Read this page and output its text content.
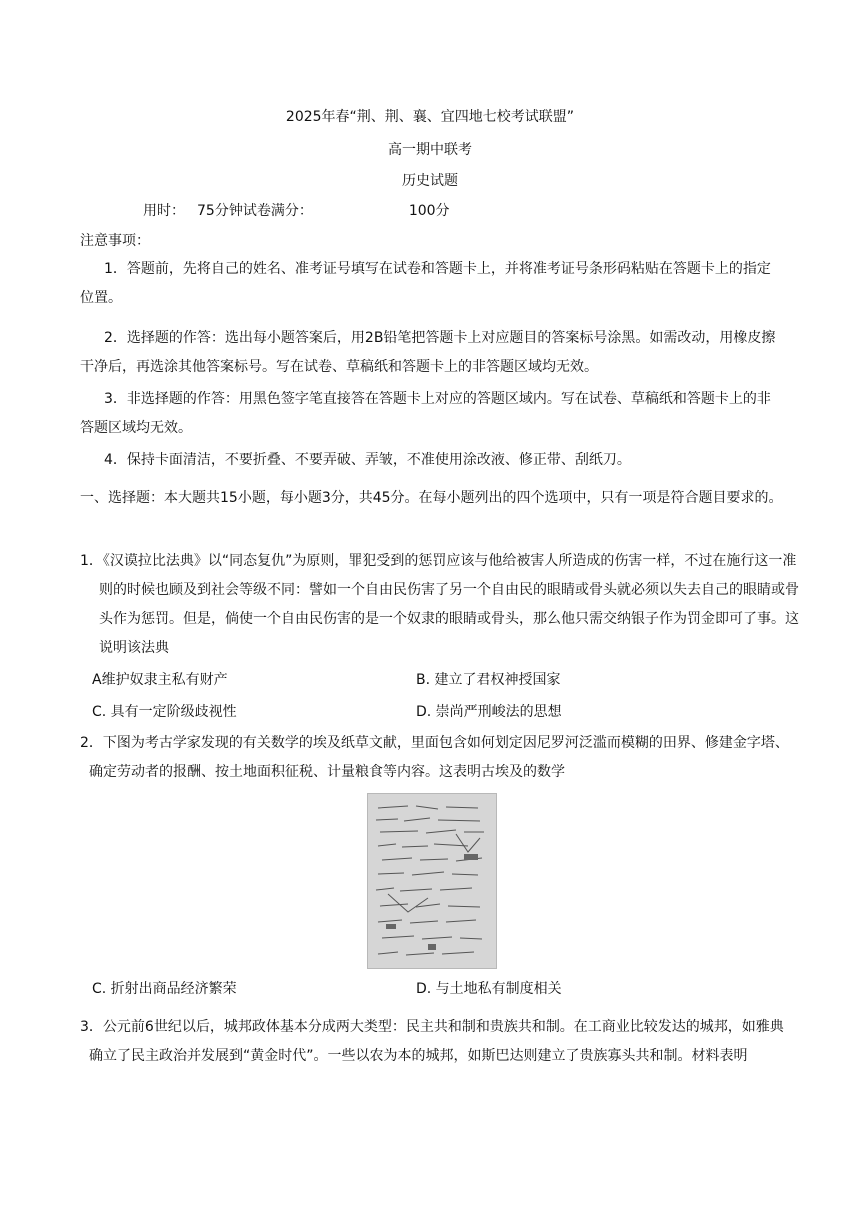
2025年春“荆、荆、襄、宜四地七校考试联盟”
高一期中联考
历史试题
用时： 75分钟试卷满分：	100分
注意事项：
1．答题前，先将自己的姓名、准考证号填写在试卷和答题卡上，并将准考证号条形码粘贴在答题卡上的指定位置。
2．选择题的作答：选出每小题答案后，用2B铅笔把答题卡上对应题目的答案标号涂黑。如需改动，用橡皮擦干净后，再选涂其他答案标号。写在试卷、草稿纸和答题卡上的非答题区域均无效。
3．非选择题的作答：用黑色签字笔直接答在答题卡上对应的答题区域内。写在试卷、草稿纸和答题卡上的非答题区域均无效。
4．保持卡面清洁，不要折叠、不要弄破、弄皱，不准使用涂改液、修正带、刮纸刀。
一、选择题：本大题共15小题，每小题3分，共45分。在每小题列出的四个选项中，只有一项是符合题目要求的。
1．《汉谟拉比法典》以“同态复仇”为原则，罪犯受到的惩罚应该与他给被害人所造成的伤害一样，不过在施行这一准则的时候也顾及到社会等级不同：譬如一个自由民伤害了另一个自由民的眼睛或骨头就必须以失去自己的眼睛或骨头作为惩罚。但是，倘使一个自由民伤害的是一个奴隶的眼睛或骨头，那么他只需交纳银子作为罚金即可了事。这说明该法典
A维护奴隶主私有财产	B. 建立了君权神授国家
C. 具有一定阶级歧视性	D. 崇尚严刑峻法的思想
2．下图为考古学家发现的有关数学的埃及纸草文献，里面包含如何划定因尼罗河泛滥而模糊的田界、修建金字塔、确定劳动者的报酬、按土地面积征税、计量粮食等内容。这表明古埃及的数学
C. 折射出商品经济繁荣	D. 与土地私有制度相关
3．公元前6世纪以后，城邦政体基本分成两大类型：民主共和制和贵族共和制。在工商业比较发达的城邦，如雅典确立了民主政治并发展到“黄金时代”。一些以农为本的城邦，如斯巴达则建立了贵族寡头共和制。材料表明
